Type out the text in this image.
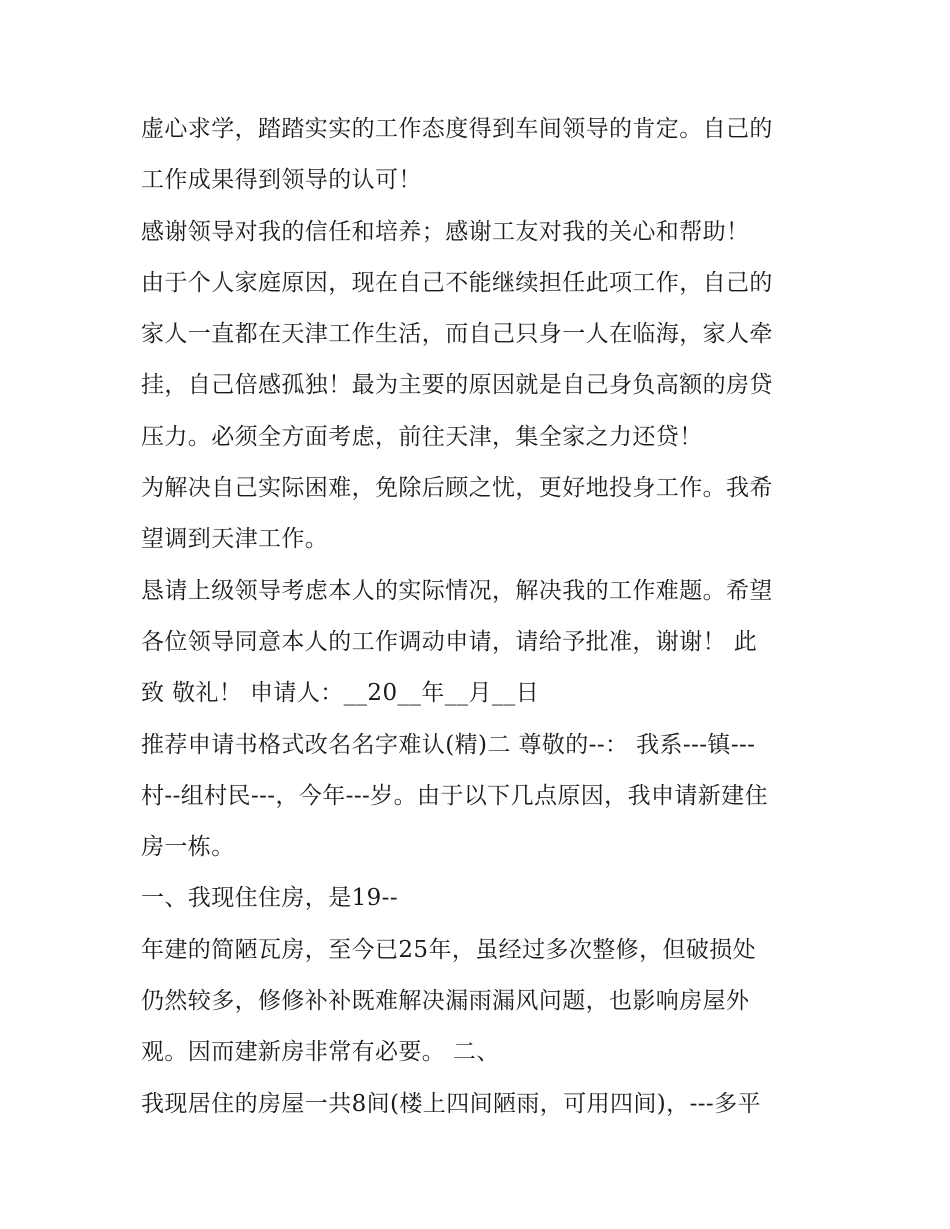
虚心求学，踏踏实实的工作态度得到车间领导的肯定。自己的
工作成果得到领导的认可！
感谢领导对我的信任和培养；感谢工友对我的关心和帮助！
由于个人家庭原因，现在自己不能继续担任此项工作，自己的
家人一直都在天津工作生活，而自己只身一人在临海，家人牵
挂，自己倍感孤独！最为主要的原因就是自己身负高额的房贷
压力。必须全方面考虑，前往天津，集全家之力还贷！
为解决自己实际困难，免除后顾之忧，更好地投身工作。我希
望调到天津工作。
恳请上级领导考虑本人的实际情况，解决我的工作难题。希望
各位领导同意本人的工作调动申请，请给予批准，谢谢！ 此
致 敬礼！ 申请人：__20__年__月__日
推荐申请书格式改名名字难认(精)二 尊敬的--： 我系---镇---
村--组村民---，今年---岁。由于以下几点原因，我申请新建住
房一栋。
一、我现住住房，是19--
年建的简陋瓦房，至今已25年，虽经过多次整修，但破损处
仍然较多，修修补补既难解决漏雨漏风问题，也影响房屋外
观。因而建新房非常有必要。 二、
我现居住的房屋一共8间(楼上四间陋雨，可用四间)，---多平
